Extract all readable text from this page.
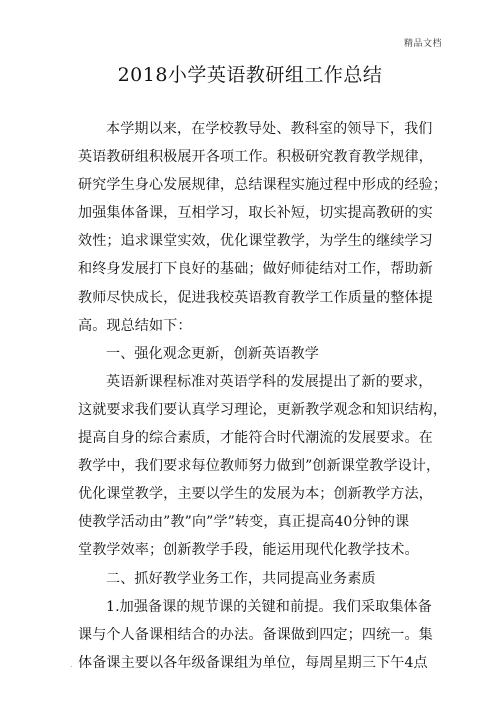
精品文档
2018小学英语教研组工作总结
本学期以来，在学校教导处、教科室的领导下，我们
英语教研组积极展开各项工作。积极研究教育教学规律，
研究学生身心发展规律，总结课程实施过程中形成的经验；
加强集体备课，互相学习，取长补短，切实提高教研的实
效性；追求课堂实效，优化课堂教学，为学生的继续学习
和终身发展打下良好的基础；做好师徒结对工作，帮助新
教师尽快成长，促进我校英语教育教学工作质量的整体提
高。现总结如下：
一、强化观念更新，创新英语教学
英语新课程标准对英语学科的发展提出了新的要求，
这就要求我们要认真学习理论，更新教学观念和知识结构，
提高自身的综合素质，才能符合时代潮流的发展要求。在
教学中，我们要求每位教师努力做到”创新课堂教学设计，
优化课堂教学，主要以学生的发展为本；创新教学方法，
使教学活动由”教”向”学”转变，真正提高40分钟的课
堂教学效率；创新教学手段，能运用现代化教学技术。
二、抓好教学业务工作，共同提高业务素质
1.加强备课的规节课的关键和前提。我们采取集体备
课与个人备课相结合的办法。备课做到四定；四统一。集
体备课主要以各年级备课组为单位，每周星期三下午4点
.
